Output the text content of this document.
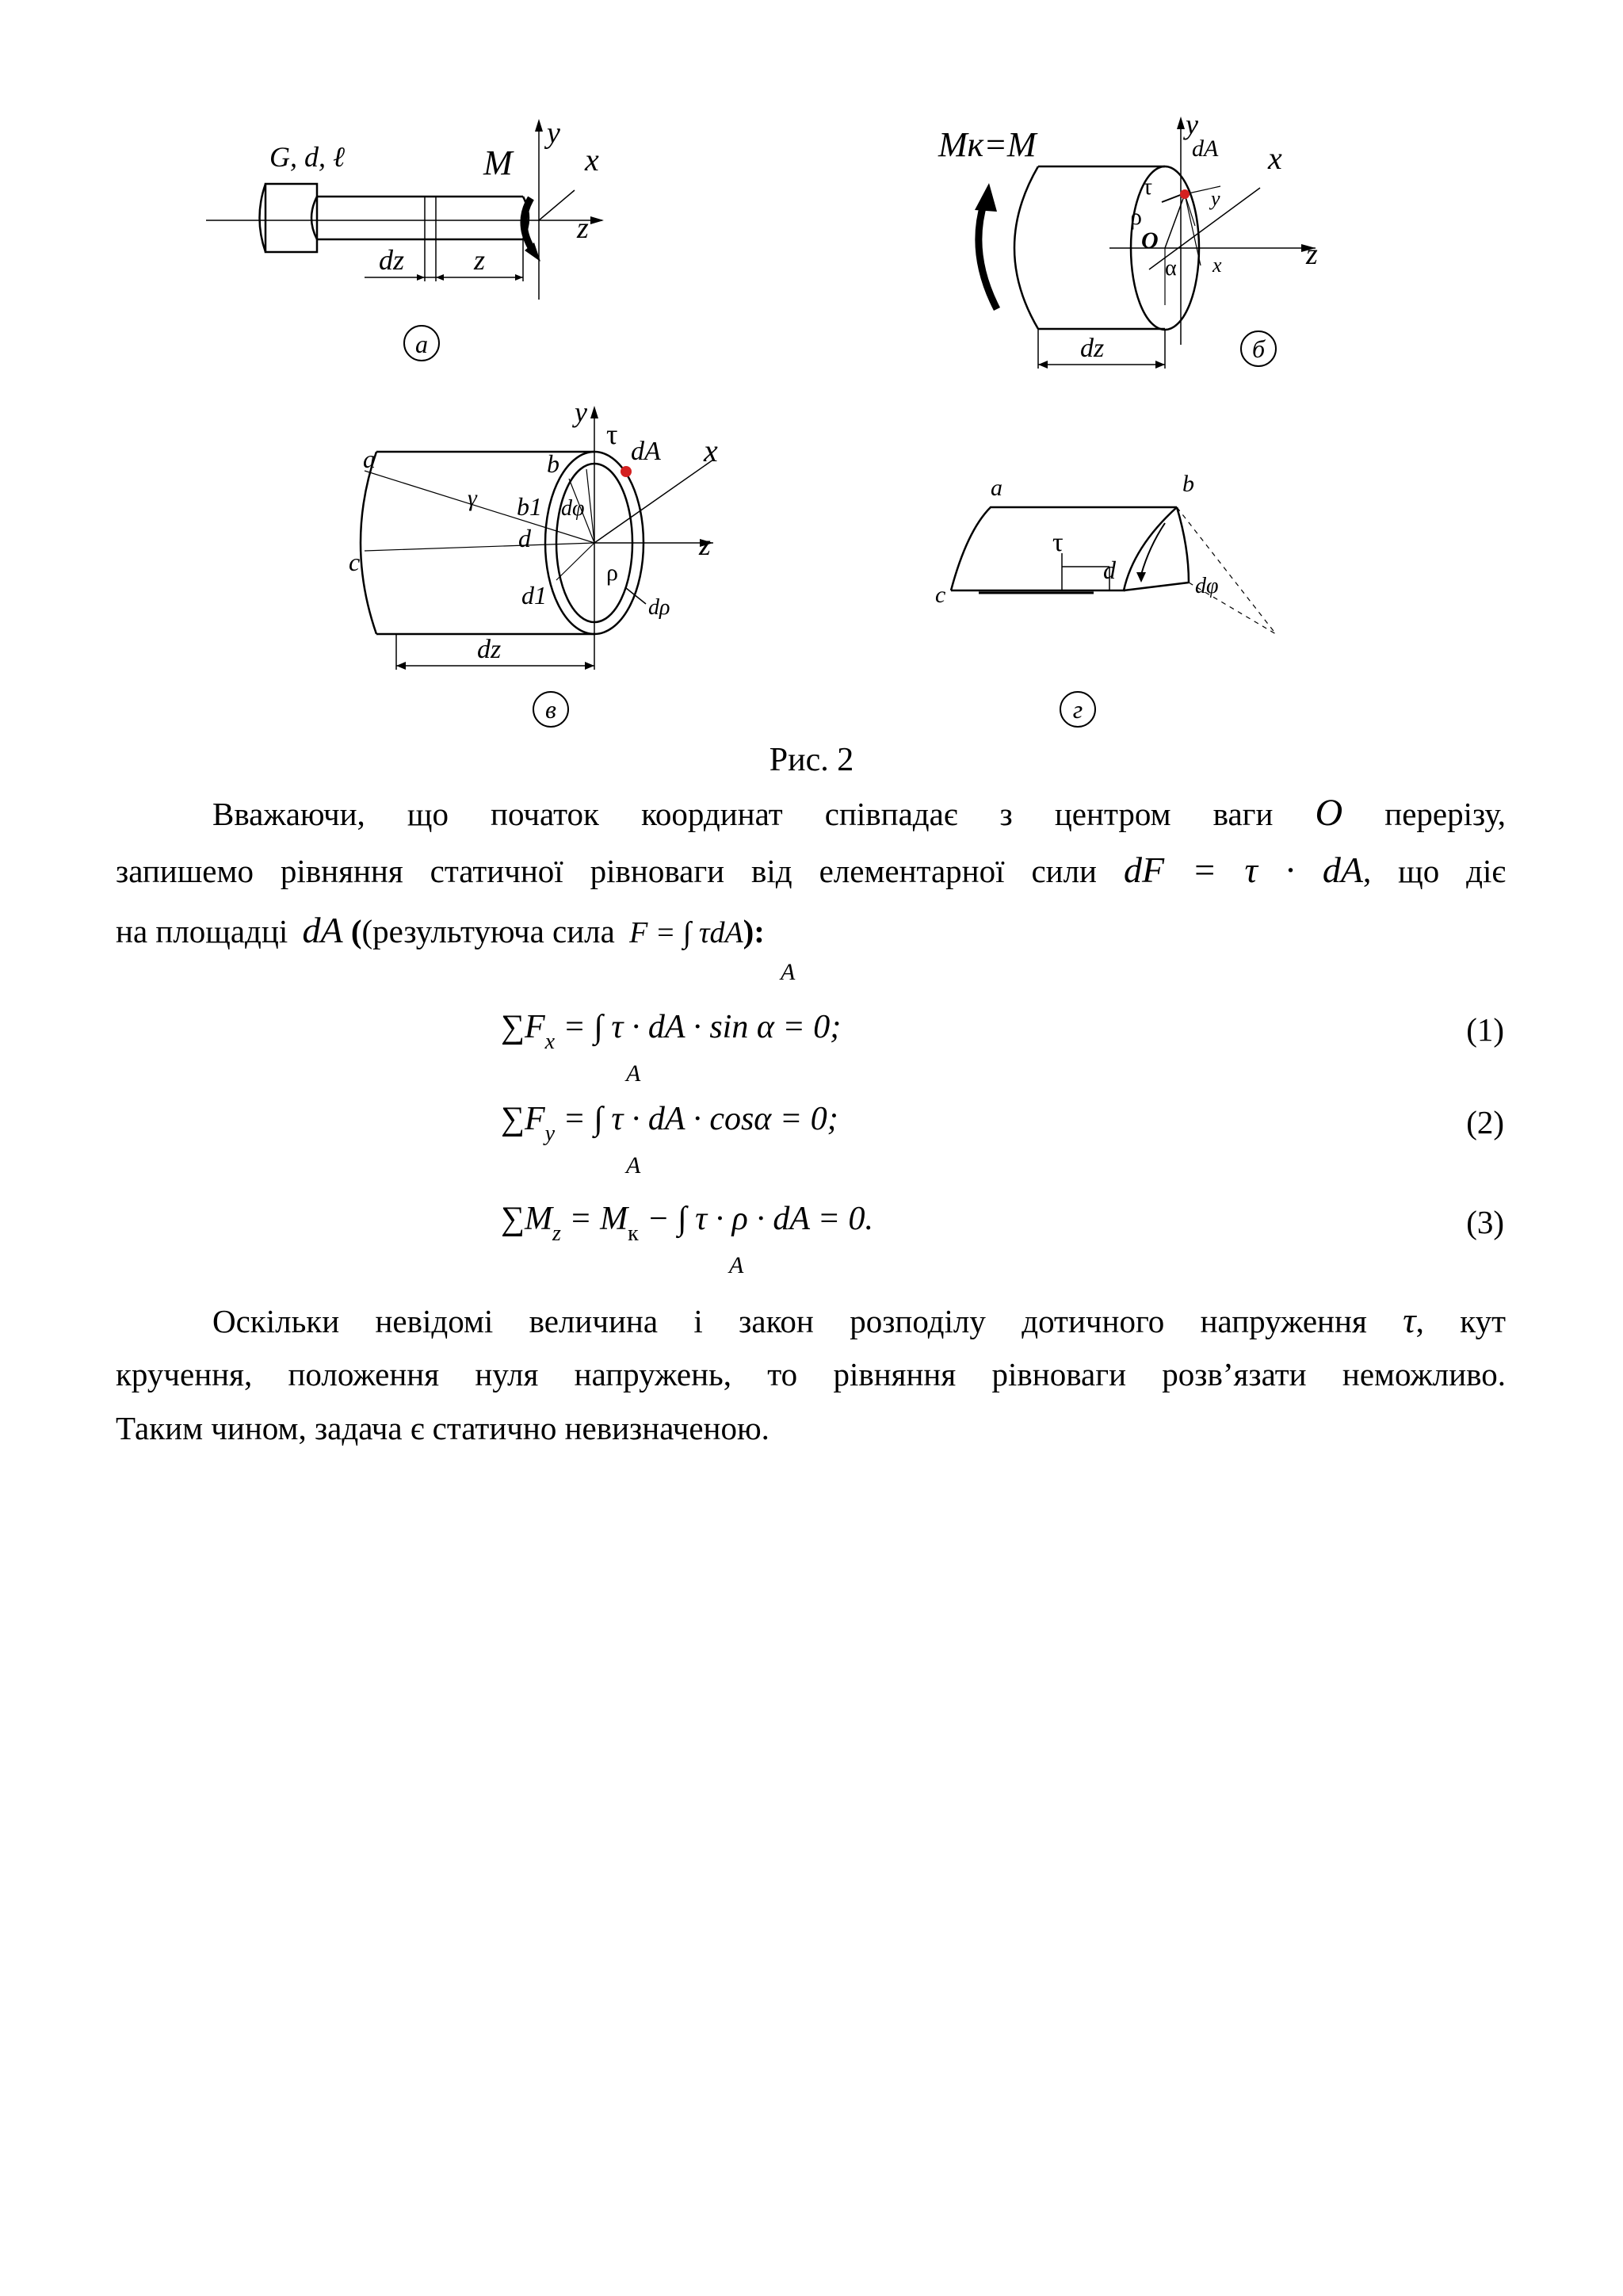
G, d, ℓ	M
y
x
z
dz z
а
Mк=M
y
x
z
dA
τ
ρ
O
α
y
x
dz	б
y
τ
dA x
z
a	b
b1
γ	dφ
d
c
d1
ρ
dρ
dz
в
a	b
τ
d
c	dφ
г
Рис. 2
Вважаючи, що початок координат співпадає з центром ваги O перерізу,
запишемо рівняння статичної рівноваги від елементарної сили dF = τ · dA, що діє
на площадці dA ((результуюча сила F = ∫ τdA):
A
$\sum F_x$ = ∫ τ · dA · sin α = 0;
A
(1)
$\sum F_y$ = ∫ τ · dA · cosα = 0;
A
(2)
$\sum M_z = M_к$ − ∫ τ · ρ · dA = 0.
A
(3)
Оскільки невідомі величина і закон розподілу дотичного напруження τ, кут
кручення, положення нуля напружень, то рівняння рівноваги розв’язати неможливо.
Таким чином, задача є статично невизначеною.
